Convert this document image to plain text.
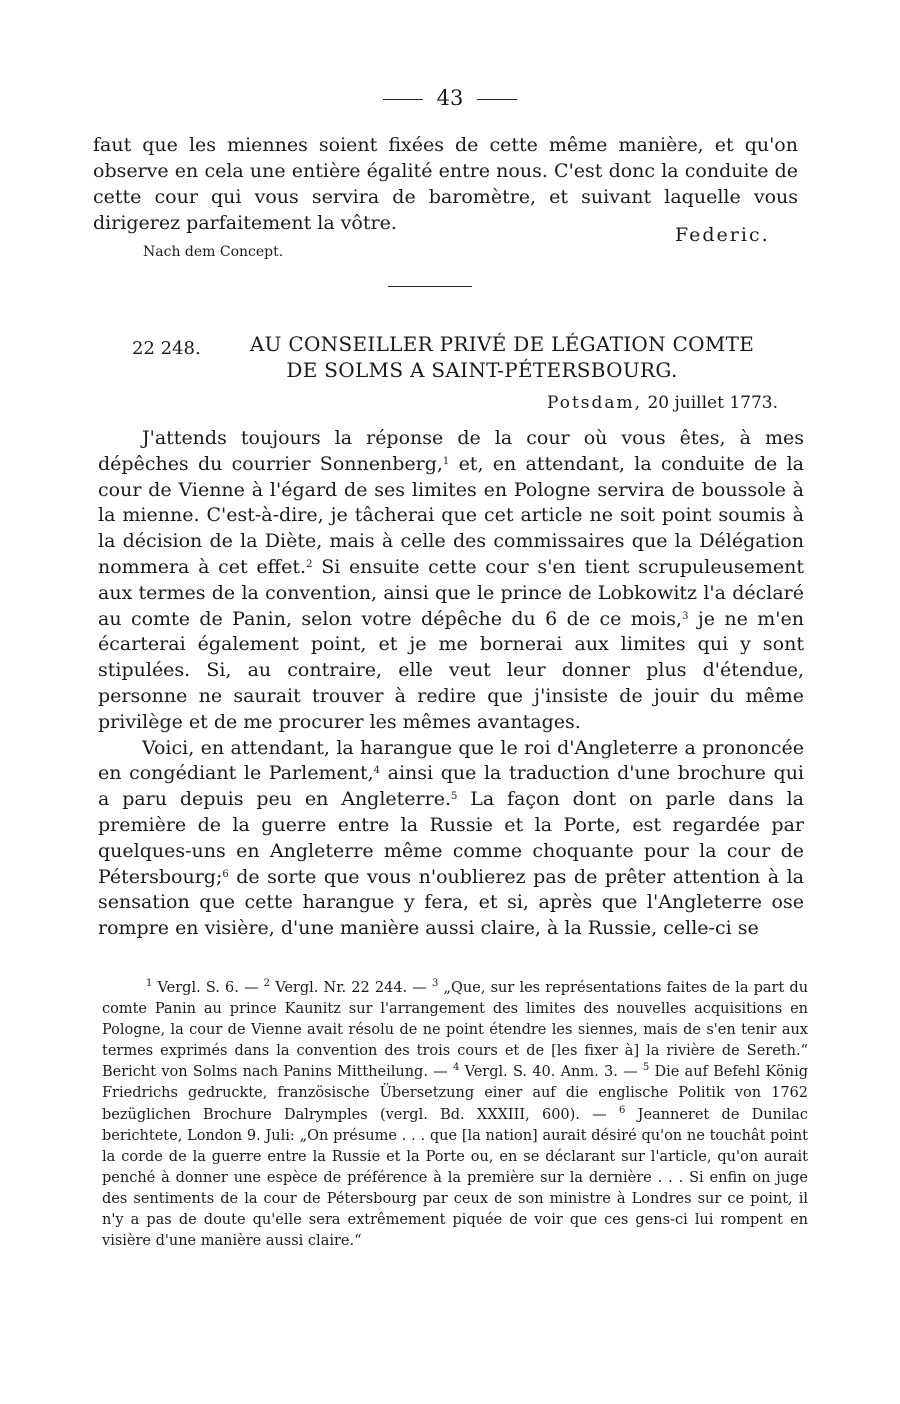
43

faut que les miennes soient fixées de cette même manière, et qu'on observe en cela une entière égalité entre nous. C'est donc la conduite de cette cour qui vous servira de baromètre, et suivant laquelle vous dirigerez parfaitement la vôtre.

Federic.
Nach dem Concept.
22 248.	AU CONSEILLER PRIVÉ DE LÉGATION COMTE
DE SOLMS A SAINT-PÉTERSBOURG.
Potsdam, 20 juillet 1773.

J'attends toujours la réponse de la cour où vous êtes, à mes dépêches du courrier Sonnenberg,$^1$ et, en attendant, la conduite de la cour de Vienne à l'égard de ses limites en Pologne servira de boussole à la mienne. C'est-à-dire, je tâcherai que cet article ne soit point soumis à la décision de la Diète, mais à celle des commissaires que la Délégation nommera à cet effet.$^2$ Si ensuite cette cour s'en tient scrupuleusement aux termes de la convention, ainsi que le prince de Lobkowitz l'a déclaré au comte de Panin, selon votre dépêche du 6 de ce mois,$^3$ je ne m'en écarterai également point, et je me bornerai aux limites qui y sont stipulées. Si, au contraire, elle veut leur donner plus d'étendue, personne ne saurait trouver à redire que j'insiste de jouir du même privilège et de me procurer les mêmes avantages.

Voici, en attendant, la harangue que le roi d'Angleterre a prononcée en congédiant le Parlement,$^4$ ainsi que la traduction d'une brochure qui a paru depuis peu en Angleterre.$^5$ La façon dont on parle dans la première de la guerre entre la Russie et la Porte, est regardée par quelques-uns en Angleterre même comme choquante pour la cour de Pétersbourg;$^6$ de sorte que vous n'oublierez pas de prêter attention à la sensation que cette harangue y fera, et si, après que l'Angleterre ose rompre en visière, d'une manière aussi claire, à la Russie, celle-ci se

$^1$ Vergl. S. 6. — $^2$ Vergl. Nr. 22 244. — $^3$ „Que, sur les représentations faites de la part du comte Panin au prince Kaunitz sur l'arrangement des limites des nouvelles acquisitions en Pologne, la cour de Vienne avait résolu de ne point étendre les siennes, mais de s'en tenir aux termes exprimés dans la convention des trois cours et de [les fixer à] la rivière de Sereth.“ Bericht von Solms nach Panins Mittheilung. — $^4$ Vergl. S. 40. Anm. 3. — $^5$ Die auf Befehl König Friedrichs gedruckte, französische Übersetzung einer auf die englische Politik von 1762 bezüglichen Brochure Dalrymples (vergl. Bd. XXXIII, 600). — $^6$ Jeanneret de Dunilac berichtete, London 9. Juli: „On présume . . . que [la nation] aurait désiré qu'on ne touchât point la corde de la guerre entre la Russie et la Porte ou, en se déclarant sur l'article, qu'on aurait penché à donner une espèce de préférence à la première sur la dernière . . . Si enfin on juge des sentiments de la cour de Pétersbourg par ceux de son ministre à Londres sur ce point, il n'y a pas de doute qu'elle sera extrêmement piquée de voir que ces gens-ci lui rompent en visière d'une manière aussi claire.“
